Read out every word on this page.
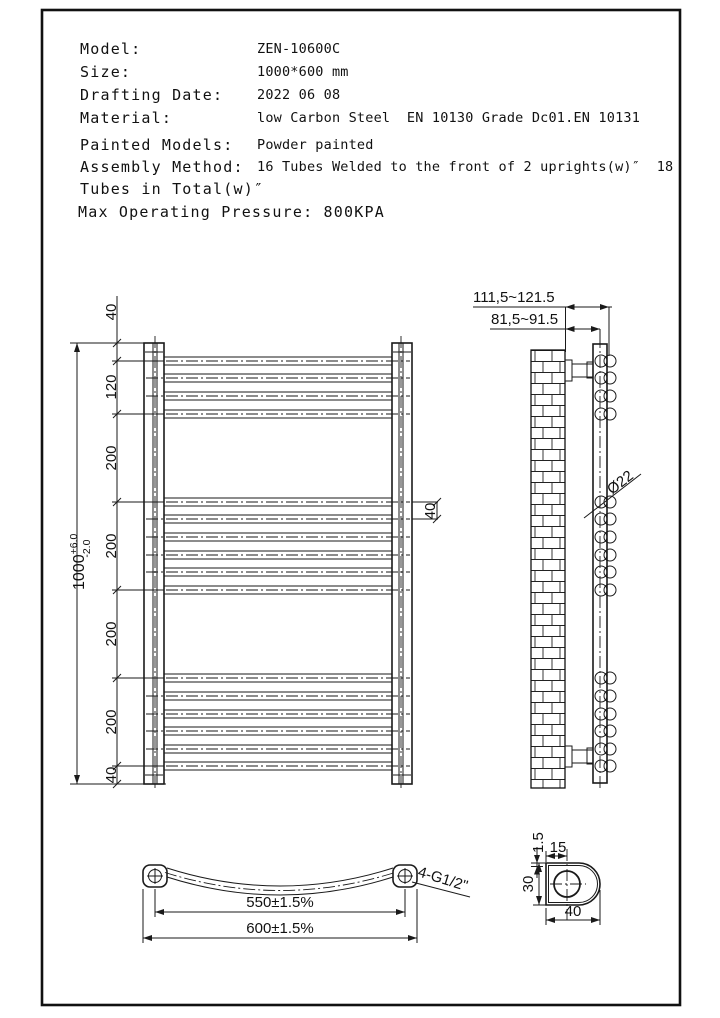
Model:	ZEN-10600C
Size:	1000*600 mm
Drafting Date:	2022 06 08
Material:	low Carbon Steel  EN 10130 Grade Dc01.EN 10131
Painted Models: Powder painted
Assembly Method: 16 Tubes Welded to the front of 2 uprights(w)″  18
Tubes in Total(w)″
Max Operating Pressure: 800KPA
40
120
200
200
200
200
40
$1000^{+6.0}-2.0$
40
111,5~121.5
81,5~91.5
Ø22
550±1.5%
600±1.5%
4-G1/2"
1.5 15
30
40
